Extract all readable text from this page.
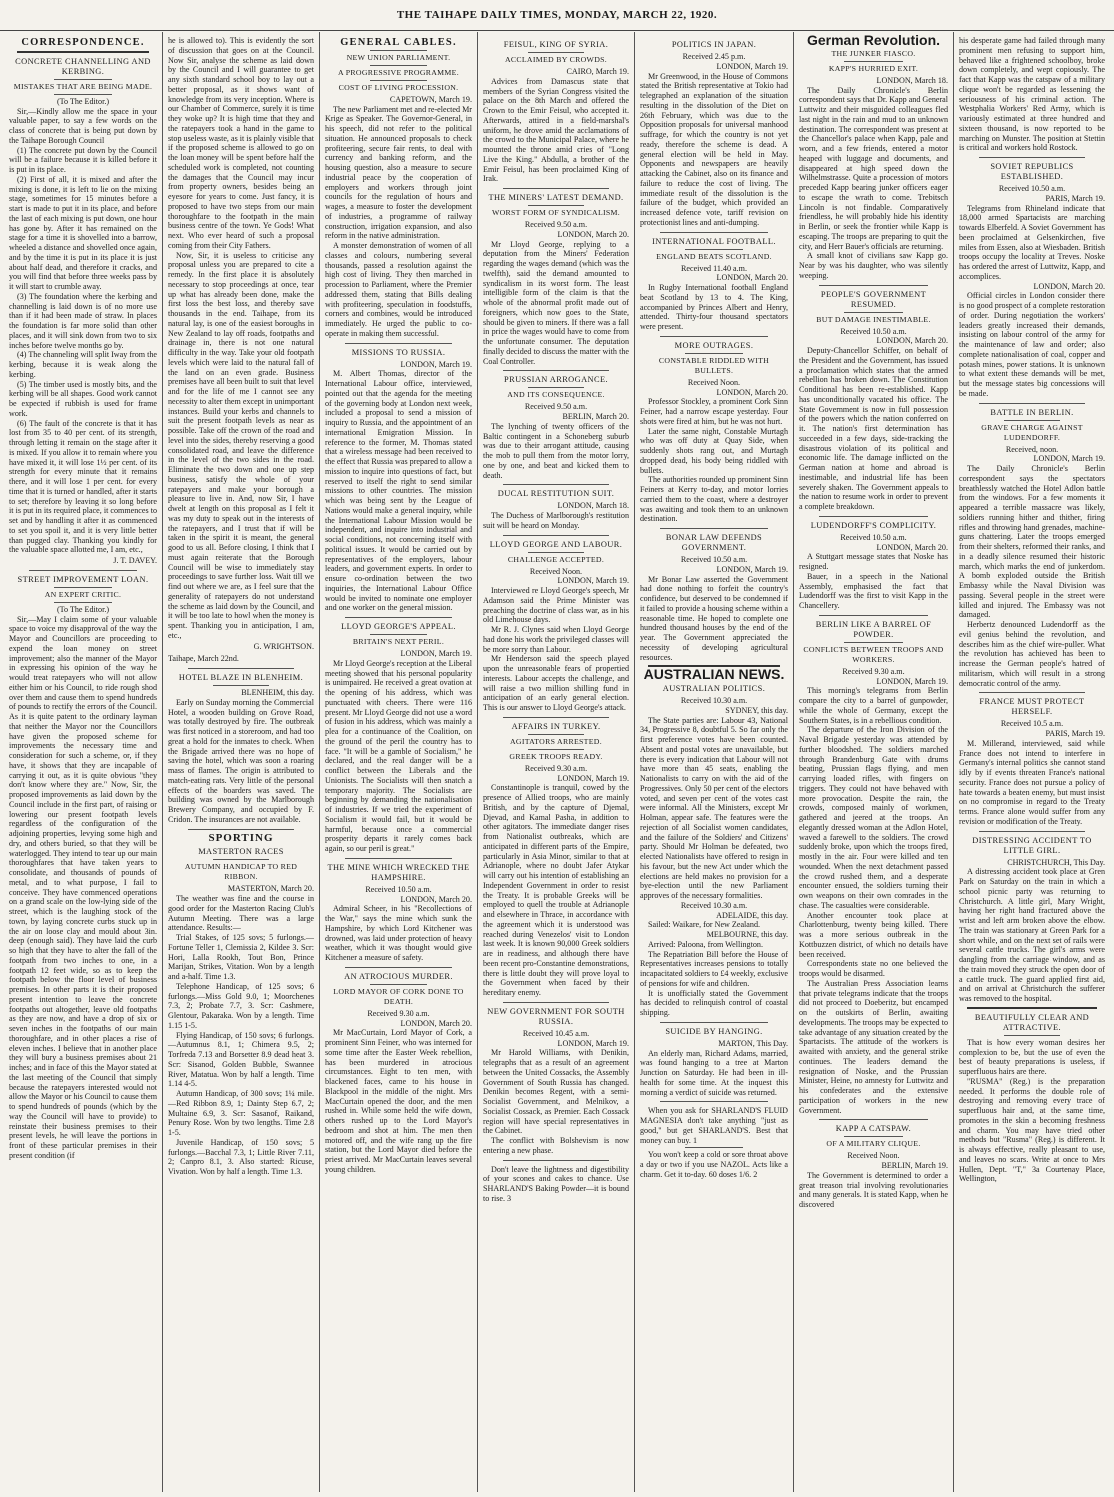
THE TAIHAPE DAILY TIMES, MONDAY, MARCH 22, 1920.
CORRESPONDENCE.
CONCRETE CHANNELLING AND KERBING.
MISTAKES THAT ARE BEING MADE.
(To The Editor.)

Sir,—Kindly allow me the space in your valuable paper, to say a few words on the class of concrete that is being put down by the Taihape Borough Council

(1) The concrete put down by the Council will be a failure because it is killed before it is put in its place.

(2) First of all, it is mixed and after the mixing is done, it is left to lie on the mixing stage, sometimes for 15 minutes before a start is made to put it in its place, and before the last of each mixing is put down, one hour has gone by. After it has remained on the stage for a time it is shovelled into a barrow, wheeled a distance and shovelled once again, and by the time it is put in its place it is just about half dead, and therefore it cracks, and you will find that before three weeks pass by it will start to crumble away.

(3) The foundation where the kerbing and channelling is laid down is of no more use than if it had been made of straw. In places the foundation is far more solid than other places, and it will sink down from two to six inches before twelve months go by.

(4) The channeling will split Iway from the kerbing, because it is weak along the kerbing.

(5) The timber used is mostly bits, and the kerbing will be all shapes. Good work cannot be expected if rubbish is used for frame work.

(6) The fault of the concrete is that it has lost from 35 to 40 per cent. of its strength, through letting it remain on the stage after it is mixed. If you allow it to remain where you have mixed it, it will lose 1½ per cent. of its strength for every minute that it remains there, and it will lose 1 per cent. for every time that it is turned or handled, after it starts to set; therefore by leaving it so long before it is put in its required place, it commences to set and by handling it after it as commenced to set you spoil it, and it is very little better than pugged clay. Thanking you kindly for the valuable space allotted me, I am, etc.,

J. T. DAVEY.
STREET IMPROVEMENT LOAN.
AN EXPERT CRITIC.
(To The Editor.)

Sir,—May I claim some of your valuable space to voice my disapproval of the way the Mayor and Councillors are proceeding to expend the loan money on street improvement; also the manner of the Mayor in expressing his opinion of the way he would treat ratepayers who will not allow either him or his Council, to ride rough shod over them and cause them to spend hundreds of pounds to rectify the errors of the Council. As it is quite patent to the ordinary layman that neither the Mayor nor the Councillors have given the proposed scheme for improvements the necessary time and consideration for such a scheme, or, if they have, it shows that they are incapable of carrying it out, as it is quite obvious "they don't know where they are." Now, Sir, the proposed improvements as laid down by the Council include in the first part, of raising or lowering our present footpath levels regardless of the configuration of the adjoining properties, levying some high and dry, and others buried, so that they will be waterlogged. They intend to tear up our main thoroughfares that have taken years to consolidate, and thousands of pounds of metal, and to what purpose, I fail to conceive. They have commenced operations on a grand scale on the low-lying side of the street, which is the laughing stock of the town, by laying concrete curbs stuck up in the air on loose clay and mould about 3in. deep (enough said). They have laid the curb so high that they have to alter the fall of the footpath from two inches to one, in a footpath 12 feet wide, so as to keep the footpath below the floor level of business premises. In other parts it is their proposed present intention to leave the concrete footpaths out altogether, leave old footpaths as they are now, and have a drop of six or seven inches in the footpaths of our main thoroughfare, and in other places a rise of eleven inches. I believe that in another place they will bury a business premises about 21 inches; and in face of this the Mayor stated at the last meeting of the Council that simply because the ratepayers interested would not allow the Mayor or his Council to cause them to spend hundreds of pounds (which by the way the Council will have to provide) to reinstate their business premises to their present levels, he will leave the portions in front of these particular premises in their present condition (if

he is allowed to). This is evidently the sort of discussion that goes on at the Council. Now Sir, analyse the scheme as laid down by the Council and I will guarantee to get any sixth standard school boy to lay out a better proposal, as it shows want of knowledge from its very inception. Where is our Chamber of Commerce, surely it is time they woke up? It is high time that they and the ratepayers took a hand in the game to stop useless waste, as it is plainly visible that if the proposed scheme is allowed to go on the loan money will be spent before half the scheduled work is completed, not counting the damages that the Council may incur from property owners, besides being an eyesore for years to come. Just fancy, it is proposed to have two steps from our main thoroughfare to the footpath in the main business centre of the town. Ye Gods! What next. Who ever heard of such a proposal coming from their City Fathers.

Now, Sir, it is useless to criticise any proposal unless you are prepared to cite a remedy. In the first place it is absolutely necessary to stop proceedings at once, tear up what has already been done, make the first loss the best loss, and thereby save thousands in the end. Taihape, from its natural lay, is one of the easiest boroughs in New Zealand to lay off roads, footpaths and drainage in, there is not one natural difficulty in the way. Take your old footpath levels which were laid to the natural fall of the land on an even grade. Business premises have all been built to suit that level and for the life of me I cannot see any necessity to alter them except in unimportant instances. Build your kerbs and channels to suit the present footpath levels as near as possible. Take off the crown of the road and level into the sides, thereby reserving a good consolidated road, and leave the difference in the level of the two sides in the road. Eliminate the two down and one up step business, satisfy the whole of your ratepayers and make your borough a pleasure to live in. And, now Sir, I have dwelt at length on this proposal as I felt it was my duty to speak out in the interests of the ratepayers, and I trust that if will be taken in the spirit it is meant, the general good to us all. Before closing, I think that I must again reiterate that the Borough Council will be wise to immediately stay proceedings to save further loss. Wait till we find out where we are, as I feel sure that the generality of ratepayers do not understand the scheme as laid down by the Council, and it will be too late to howl when the money is spent. Thanking you in anticipation, I am, etc.,

G. WRIGHTSON.
Taihape, March 22nd.
HOTEL BLAZE IN BLENHEIM.
BLENHEIM, this day.

Early on Sunday morning the Commercial Hotel, a wooden building on Grove Road, was totally destroyed by fire. The outbreak was first noticed in a storeroom, and had too great a hold for the inmates to check. When the Brigade arrived there was no hope of saving the hotel, which was soon a roaring mass of flames. The origin is attributed to match-eating rats. Very little of the personal effects of the boarders was saved. The building was owned by the Marlborough Brewery Company, and occupied by F. Cridon. The insurances are not available.

SPORTING
MASTERTON RACES
AUTUMN HANDICAP TO RED RIBBON.
MASTERTON, March 20.

The weather was fine and the course in good order for the Masterton Racing Club's Autumn Meeting. There was a large attendance. Results:—

Trial Stakes, of 125 sovs; 5 furlongs.—Fortune Teller 1, Clemissia 2, Kildee 3. Scr: Hori, Lalla Rookh, Tout Bon, Prince Marijan, Strikes, Vitation. Won by a length and a-half. Time 1.3.

Telephone Handicap, of 125 sovs; 6 furlongs.—Miss Gold 9.0, 1; Moorchenes 7.3, 2; Probate 7.7, 3. Scr: Cashmere, Glentour, Pakaraka. Won by a length. Time 1.15 1-5.

Flying Handicap, of 150 sovs; 6 furlongs.—Autumnus 8.1, 1; Chimera 9.5, 2; Torfreda 7.13 and Borsetter 8.9 dead heat 3. Scr: Sisanod, Golden Bubble, Swannee River, Matatua. Won by half a length. Time 1.14 4-5.

Autumn Handicap, of 300 sovs; 1¼ mile.—Red Ribbon 8.9, 1; Dainty Step 6.7, 2; Multaine 6.9, 3. Scr: Sasanof, Raikand, Penury Rose. Won by two lengths. Time 2.8 1-5.

Juvenile Handicap, of 150 sovs; 5 furlongs.—Bacchal 7.3, 1; Little River 7.11, 2; Canpro 8.1, 3. Also started: Ricuse, Vivation. Won by half a length. Time 1.3.

GENERAL CABLES.
NEW UNION PARLIAMENT.
A PROGRESSIVE PROGRAMME.
COST OF LIVING PROCESSION.
CAPETOWN, March 19.

The new Parliament met and re-elected Mr Krige as Speaker. The Governor-General, in his speech, did not refer to the political situation. He announced proposals to check profiteering, secure fair rents, to deal with currency and banking reform, and the housing question, also a measure to secure industrial peace by the cooperation of employers and workers through joint councils for the regulation of hours and wages, a measure to foster the development of industries, a programme of railway construction, irrigation expansion, and also reform in the native administration.

A monster demonstration of women of all classes and colours, numbering several thousands, passed a resolution against the high cost of living. They then marched in procession to Parliament, where the Premier addressed them, stating that Bills dealing with profiteering, speculation in foodstuffs, corners and combines, would be introduced immediately. He urged the public to co-operate in making them successful.

MISSIONS TO RUSSIA.
LONDON, March 19.

M. Albert Thomas, director of the International Labour office, interviewed, pointed out that the agenda for the meeting of the governing body at London next week, included a proposal to send a mission of inquiry to Russia, and the appointment of an international Emigration Mission. In reference to the former, M. Thomas stated that a wireless message had been received to the effect that Russia was prepared to allow a mission to inquire into questions of fact, but reserved to itself the right to send similar missions to other countries. The mission which was being sent by the League of Nations would make a general inquiry, while the International Labour Mission would be independent, and inquire into industrial and social conditions, not concerning itself with political issues. It would be carried out by representatives of the employers, labour leaders, and government experts. In order to ensure co-ordination between the two inquiries, the International Labour Office would be invited to nominate one employer and one worker on the general mission.

LLOYD GEORGE'S APPEAL.
BRITAIN'S NEXT PERIL.
LONDON, March 19.

Mr Lloyd George's reception at the Liberal meeting showed that his personal popularity is unimpaired. He received a great ovation at the opening of his address, which was punctuated with cheers. There were 116 present. Mr Lloyd George did not use a word of fusion in his address, which was mainly a plea for a continuance of the Coalition, on the ground of the peril the country has to face. "It will be a gamble of Socialism," he declared, and the real danger will be a conflict between the Liberals and the Unionists. The Socialists will then snatch a temporary majority. The Socialists are beginning by demanding the nationalisation of industries. If we tried the experiment of Socialism it would fail, but it would be harmful, because once a commercial prosperity departs it rarely comes back again, so our peril is great."

THE MINE WHICH WRECKED THE HAMPSHIRE.
Received 10.50 a.m.
LONDON, March 20.

Admiral Scheer, in his "Recollections of the War," says the mine which sunk the Hampshire, by which Lord Kitchener was drowned, was laid under protection of heavy weather, which it was thought would give Kitchener a measure of safety.

AN ATROCIOUS MURDER.
LORD MAYOR OF CORK DONE TO DEATH.
Received 9.30 a.m.
LONDON, March 20.

Mr MacCurtain, Lord Mayor of Cork, a prominent Sinn Feiner, who was interned for some time after the Easter Week rebellion, has been murdered in atrocious circumstances. Eight to ten men, with blackened faces, came to his house in Blackpool in the middle of the night. Mrs MacCurtain opened the door, and the men rushed in. While some held the wife down, others rushed up to the Lord Mayor's bedroom and shot at him. The men then motored off, and the wife rang up the fire station, but the Lord Mayor died before the priest arrived. Mr MacCurtain leaves several young children.

FEISUL, KING OF SYRIA.
ACCLAIMED BY CROWDS.
CAIRO, March 19.

Advices from Damascus state that members of the Syrian Congress visited the palace on the 8th March and offered the Crown to the Emir Feisul, who accepted it. Afterwards, attired in a field-marshal's uniform, he drove amid the acclamations of the crowd to the Municipal Palace, where he mounted the throne amid cries of "Long Live the King." Abdulla, a brother of the Emir Feisul, has been proclaimed King of Irak.

THE MINERS' LATEST DEMAND.
WORST FORM OF SYNDICALISM.
Received 9.50 a.m.
LONDON, March 20.

Mr Lloyd George, replying to a deputation from the Miners' Federation regarding the wages demand (which was the twelfth), said the demand amounted to syndicalism in its worst form. The least intelligible form of the claim is that the whole of the abnormal profit made out of foreigners, which now goes to the State, should be given to miners. If there was a fall in price the wages would have to come from the unfortunate consumer. The deputation finally decided to discuss the matter with the Coal Controller.

PRUSSIAN ARROGANCE.
AND ITS CONSEQUENCE.
Received 9.50 a.m.
BERLIN, March 20.

The lynching of twenty officers of the Baltic contingent in a Schoneberg suburb was due to their arrogant attitude, causing the mob to pull them from the motor lorry, one by one, and beat and kicked them to death.

DUCAL RESTITUTION SUIT.
LONDON, March 18.

The Duchess of Marlborough's restitution suit will be heard on Monday.

LLOYD GEORGE AND LABOUR.
CHALLENGE ACCEPTED.
Received Noon.
LONDON, March 19.

Interviewed re Lloyd George's speech, Mr Adamson said the Prime Minister was preaching the doctrine of class war, as in his old Limehouse days.

Mr R. J. Clynes said when Lloyd George had done his work the privileged classes will be more sorry than Labour.

Mr Henderson said the speech played upon the unreasonable fears of propertied interests. Labour accepts the challenge, and will raise a two million shilling fund in anticipation of an early general election. This is our answer to Lloyd George's attack.

AFFAIRS IN TURKEY.
AGITATORS ARRESTED.
GREEK TROOPS READY.
Received 9.30 a.m.
LONDON, March 19.

Constantinople is tranquil, cowed by the presence of Allied troops, who are mainly British, and by the capture of Djemal, Djevad, and Kamal Pasha, in addition to other agitators. The immediate danger rises from Nationalist outbreaks, which are anticipated in different parts of the Empire, particularly in Asia Minor, similar to that at Adrianople, where no doubt Jafer Atykar will carry out his intention of establishing an Independent Government in order to resist the Treaty. It is probable Greeks will be employed to quell the trouble at Adrianople and elsewhere in Thrace, in accordance with the agreement which it is understood was reached during Venezelos' visit to London last week. It is known 90,000 Greek soldiers are in readiness, and although there have been recent pro-Constantine demonstrations, there is little doubt they will prove loyal to the Government when faced by their hereditary enemy.

NEW GOVERNMENT FOR SOUTH RUSSIA.
Received 10.45 a.m.
LONDON, March 19.

Mr Harold Williams, with Denikin, telegraphs that as a result of an agreement between the United Cossacks, the Assembly Government of South Russia has changed. Denikin becomes Regent, with a semi-Socialist Government, and Melnikov, a Socialist Cossack, as Premier. Each Cossack region will have special representatives in the Cabinet.

The conflict with Bolshevism is now entering a new phase.

Don't leave the lightness and digestibility of your scones and cakes to chance. Use SHARLAND'S Baking Powder—it is bound to rise. 3

POLITICS IN JAPAN.
Received 2.45 p.m.
LONDON, March 19.

Mr Greenwood, in the House of Commons stated the British representative at Tokio had telegraphed an explanation of the situation resulting in the dissolution of the Diet on 26th February, which was due to the Opposition proposals for universal manhood suffrage, for which the country is not yet ready, therefore the scheme is dead. A general election will be held in May. Opponents and newspapers are heavily attacking the Cabinet, also on its finance and failure to reduce the cost of living. The immediate result of the dissolution is the failure of the budget, which provided an increased defence vote, tariff revision on protectionist lines and anti-dumping.

INTERNATIONAL FOOTBALL.
ENGLAND BEATS SCOTLAND.
Received 11.40 a.m.
LONDON, March 20.

In Rugby International football England beat Scotland by 13 to 4. The King, accompanied by Princes Albert and Henry, attended. Thirty-four thousand spectators were present.

MORE OUTRAGES.
CONSTABLE RIDDLED WITH BULLETS.
Received Noon.
LONDON, March 20.

Professor Stockley, a prominent Cork Sinn Feiner, had a narrow escape yesterday. Four shots were fired at him, but he was not hurt.

Later the same night, Constable Murtagh who was off duty at Quay Side, when suddenly shots rang out, and Murtagh dropped dead, his body being riddled with bullets.

The authorities rounded up prominent Sinn Feiners at Kerry to-day, and motor lorries carried them to the coast, where a destroyer was awaiting and took them to an unknown destination.

BONAR LAW DEFENDS GOVERNMENT.
Received 10.50 a.m.
LONDON, March 19.

Mr Bonar Law asserted the Government had done nothing to forfeit the country's confidence, but deserved to be condemned if it failed to provide a housing scheme within a reasonable time. He hoped to complete one hundred thousand houses by the end of the year. The Government appreciated the necessity of developing agricultural resources.

AUSTRALIAN NEWS.
AUSTRALIAN POLITICS.
Received 10.30 a.m.
SYDNEY, this day.

The State parties are: Labour 43, National 34, Progressive 8, doubtful 5. So far only the first preference votes have been counted. Absent and postal votes are unavailable, but there is every indication that Labour will not have more than 45 seats, enabling the Nationalists to carry on with the aid of the Progressives. Only 50 per cent of the electors voted, and seven per cent of the votes cast were informal. All the Ministers, except Mr Holman, appear safe. The features were the rejection of all Socialist women candidates, and the failure of the Soldiers' and Citizens' party. Should Mr Holman be defeated, two elected Nationalists have offered to resign in his favour, but the new Act under which the elections are held makes no provision for a bye-election until the new Parliament approves of the necessary formalities.

Received 10.30 a.m.
ADELAIDE, this day.

Sailed: Waikare, for New Zealand.

MELBOURNE, this day.

Arrived: Paloona, from Wellington.

The Repatriation Bill before the House of Representatives increases pensions to totally incapacitated soldiers to £4 weekly, exclusive of pensions for wife and children.

It is unofficially stated the Government has decided to relinquish control of coastal shipping.

SUICIDE BY HANGING.
MARTON, This Day.

An elderly man, Richard Adams, married, was found hanging to a tree at Marton Junction on Saturday. He had been in ill-health for some time. At the inquest this morning a verdict of suicide was returned.

When you ask for SHARLAND'S FLUID MAGNESIA don't take anything "just as good," but get SHARLAND'S. Best that money can buy. 1

You won't keep a cold or sore throat above a day or two if you use NAZOL. Acts like a charm. Get it to-day. 60 doses 1/6. 2

German Revolution.
THE JUNKER FIASCO.
KAPP'S HURRIED EXIT.
LONDON, March 18.

The Daily Chronicle's Berlin correspondent says that Dr. Kapp and General Luttwitz and their misguided colleagues fled last night in the rain and mud to an unknown destination. The correspondent was present at the Chancellor's palace when Kapp, pale and worn, and a few friends, entered a motor heaped with luggage and documents, and disappeared at high speed down the Wilhelmstrasse. Quite a procession of motors preceded Kapp bearing junker officers eager to escape the wrath to come. Trebitsch Lincoln is not findable. Comparatively friendless, he will probably hide his identity in Berlin, or seek the frontier while Kapp is escaping. The troops are preparing to quit the city, and Herr Bauer's officials are returning.

A small knot of civilians saw Kapp go. Near by was his daughter, who was silently weeping.

PEOPLE'S GOVERNMENT RESUMED.
BUT DAMAGE INESTIMABLE.
Received 10.50 a.m.
LONDON, March 20.

Deputy-Chancellor Schiffer, on behalf of the President and the Government, has issued a proclamation which states that the armed rebellion has broken down. The Constitution Conditional has been re-established. Kapp has unconditionally vacated his office. The State Government is now in full possession of the powers which the nation conferred on it. The nation's first determination has succeeded in a few days, side-tracking the disastrous violation of its political and economic life. The damage inflicted on the German nation at home and abroad is inestimable, and industrial life has been severely shaken. The Government appeals to the nation to resume work in order to prevent a complete breakdown.

LUDENDORFF'S COMPLICITY.
Received 10.50 a.m.
LONDON, March 20.

A Stuttgart message states that Noske has resigned.

Bauer, in a speech in the National Assembly, emphasised the fact that Ludendorff was the first to visit Kapp in the Chancellery.

BERLIN LIKE A BARREL OF POWDER.
CONFLICTS BETWEEN TROOPS AND WORKERS.
Received 9.30 a.m.
LONDON, March 19.

This morning's telegrams from Berlin compare the city to a barrel of gunpowder, while the whole of Germany, except the Southern States, is in a rebellious condition.

The departure of the Iron Division of the Naval Brigade yesterday was attended by further bloodshed. The soldiers marched through Brandenburg Gate with drums beating, Prussian flags flying, and men carrying loaded rifles, with fingers on triggers. They could not have behaved with more provocation. Despite the rain, the crowds, composed mainly of workmen, gathered and jeered at the troops. An elegantly dressed woman at the Adlon Hotel, waved a farewell to the soldiers. The crowd suddenly broke, upon which the troops fired, mostly in the air. Four were killed and ten wounded. When the next detachment passed the crowd rushed them, and a desperate encounter ensued, the soldiers turning their own weapons on their own comrades in the chase. The casualties were considerable.

Another encounter took place at Charlottenburg, twenty being killed. There was a more serious outbreak in the Kottbuzzen district, of which no details have been received.

Correspondents state no one believed the troops would be disarmed.

The Australian Press Association learns that private telegrams indicate that the troops did not proceed to Doeberitz, but encamped on the outskirts of Berlin, awaiting developments. The troops may be expected to take advantage of any situation created by the Spartacists. The attitude of the workers is awaited with anxiety, and the general strike continues. The leaders demand the resignation of Noske, and the Prussian Minister, Heine, no amnesty for Luttwitz and his confederates and the extensive participation of workers in the new Government.

KAPP A CATSPAW.
OF A MILITARY CLIQUE.
Received Noon.
BERLIN, March 19.

The Government is determined to order a great treason trial involving revolutionaries and many generals. It is stated Kapp, when he discovered

his desperate game had failed through many prominent men refusing to support him, behaved like a frightened schoolboy, broke down completely, and wept copiously. The fact that Kapp was the catspaw of a military clique won't be regarded as lessening the seriousness of his criminal action. The Westphalia Workers' Red Army, which is variously estimated at three hundred and sixteen thousand, is now reported to be marching on Munster. The position at Stettin is critical and workers hold Rostock.

SOVIET REPUBLICS ESTABLISHED.
Received 10.50 a.m.
PARIS, March 19.

Telegrams from Rhineland indicate that 18,000 armed Spartacists are marching towards Elberfeld. A Soviet Government has been proclaimed at Gelsenkirchen, five miles from Essen, also at Wiesbaden. British troops occupy the locality at Treves. Noske has ordered the arrest of Luttwitz, Kapp, and accomplices.

LONDON, March 20.

Official circles in London consider there is no good prospect of a complete restoration of order. During negotiation the workers' leaders greatly increased their demands, insisting on labour control of the army for the maintenance of law and order; also complete nationalisation of coal, copper and potash mines, power stations. It is unknown to what extent these demands will be met, but the message states big concessions will be made.

BATTLE IN BERLIN.
GRAVE CHARGE AGAINST LUDENDORFF.
Received, noon.
LONDON, March 19.

The Daily Chronicle's Berlin correspondent says the spectators breathlessly watched the Hotel Adlon battle from the windows. For a few moments it appeared a terrible massacre was likely, soldiers running hither and thither, firing rifles and throwing hand grenades, machine-guns chattering. Later the troops emerged from their shelters, reformed their ranks, and in a deadly silence resumed their historic march, which marks the end of junkerdom. A bomb exploded outside the British Embassy while the Naval Division was passing. Several people in the street were killed and injured. The Embassy was not damaged.

Herbertz denounced Ludendorff as the evil genius behind the revolution, and describes him as the chief wire-puller. What the revolution has achieved has been to increase the German people's hatred of militarism, which will result in a strong democratic control of the army.

FRANCE MUST PROTECT HERSELF.
Received 10.5 a.m.
PARIS, March 19.

M. Millerand, interviewed, said while France does not intend to interfere in Germany's internal politics she cannot stand idly by if events threaten France's national security. France does not pursue a policy of hate towards a beaten enemy, but must insist on no compromise in regard to the Treaty terms. France alone would suffer from any revision or modification of the Treaty.

DISTRESSING ACCIDENT TO LITTLE GIRL.
CHRISTCHURCH, This Day.

A distressing accident took place at Gren Park on Saturday on the train in which a school picnic party was returning to Christchurch. A little girl, Mary Wright, having her right hand fractured above the wrist and left arm broken above the elbow. The train was stationary at Green Park for a short while, and on the next set of rails were several cattle trucks. The girl's arms were dangling from the carriage window, and as the train moved they struck the open door of a cattle truck. The guard applied first aid, and on arrival at Christchurch the sufferer was removed to the hospital.

BEAUTIFULLY CLEAR AND ATTRACTIVE.

That is how every woman desires her complexion to be, but the use of even the best of beauty preparations is useless, if superfluous hairs are there.

"RUSMA" (Reg.) is the preparation needed. It performs the double role of destroying and removing every trace of superfluous hair and, at the same time, promotes in the skin a becoming freshness and charm. You may have tried other methods but "Rusma" (Reg.) is different. It is always effective, really pleasant to use, and leaves no scars. Write at once to Mrs Hullen, Dept. "T," 3a Courtenay Place, Wellington,
